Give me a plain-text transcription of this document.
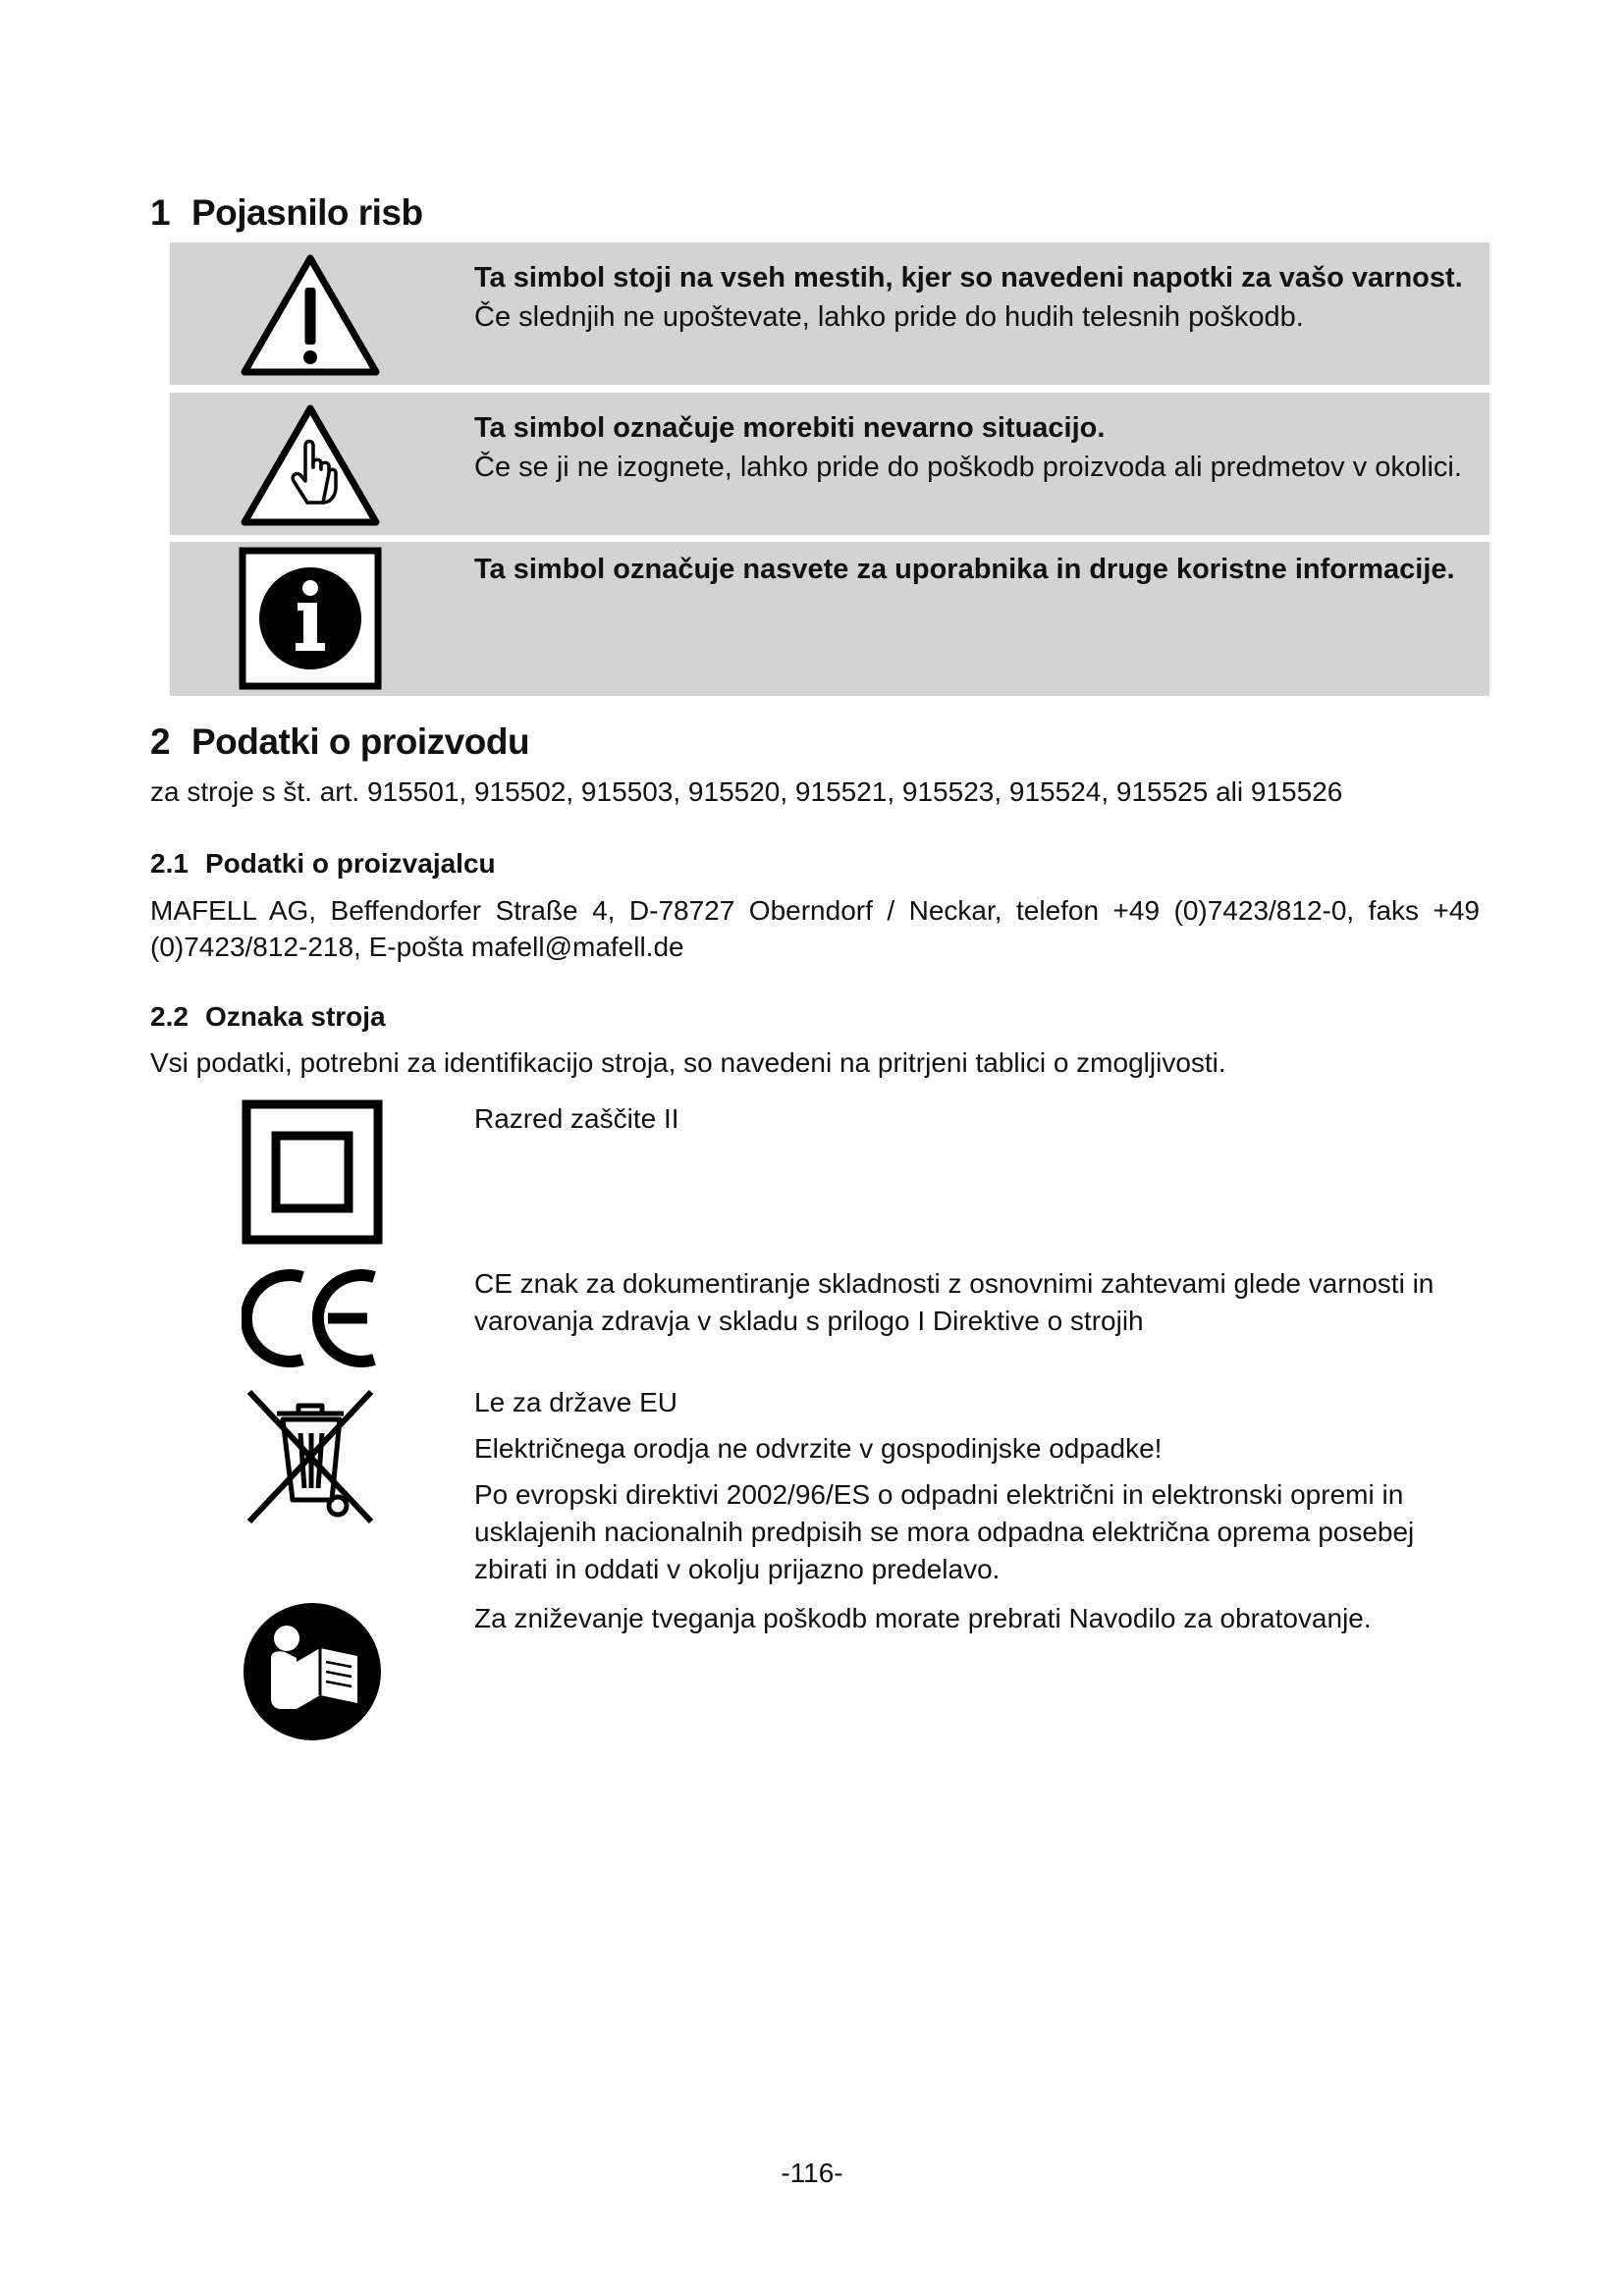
1 Pojasnilo risb
Ta simbol stoji na vseh mestih, kjer so navedeni napotki za vašo varnost.
Če slednjih ne upoštevate, lahko pride do hudih telesnih poškodb.
Ta simbol označuje morebiti nevarno situacijo.
Če se ji ne izognete, lahko pride do poškodb proizvoda ali predmetov v okolici.
Ta simbol označuje nasvete za uporabnika in druge koristne informacije.
2 Podatki o proizvodu
za stroje s št. art. 915501, 915502, 915503, 915520, 915521, 915523, 915524, 915525 ali 915526
2.1 Podatki o proizvajalcu
MAFELL AG, Beffendorfer Straße 4, D-78727 Oberndorf / Neckar, telefon +49 (0)7423/812-0, faks +49 (0)7423/812-218, E-pošta mafell@mafell.de
2.2 Oznaka stroja
Vsi podatki, potrebni za identifikacijo stroja, so navedeni na pritrjeni tablici o zmogljivosti.

Razred zaščite II

CE znak za dokumentiranje skladnosti z osnovnimi zahtevami glede varnosti in varovanja zdravja v skladu s prilogo I Direktive o strojih

Le za države EU

Električnega orodja ne odvrzite v gospodinjske odpadke!

Po evropski direktivi 2002/96/ES o odpadni električni in elektronski opremi in usklajenih nacionalnih predpisih se mora odpadna električna oprema posebej zbirati in oddati v okolju prijazno predelavo.

Za zniževanje tveganja poškodb morate prebrati Navodilo za obratovanje.

-116-
